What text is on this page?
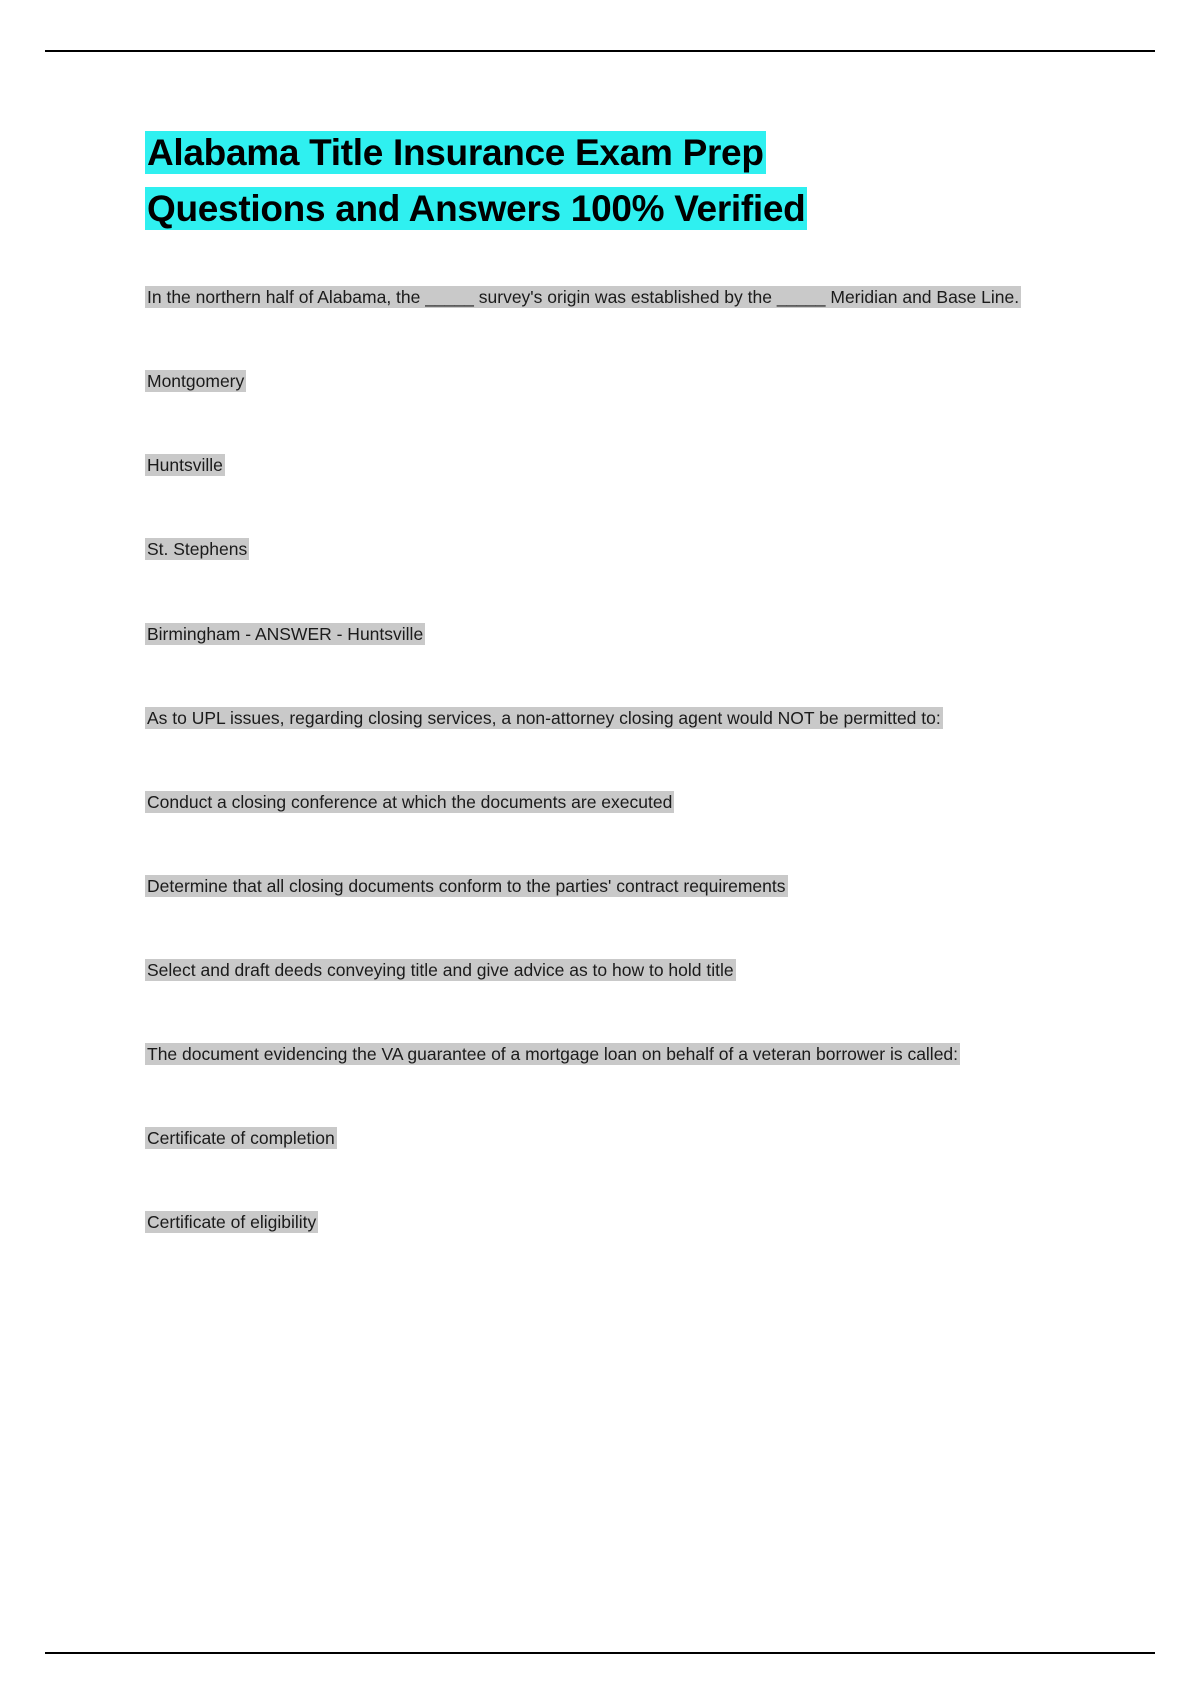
Alabama Title Insurance Exam Prep
Questions and Answers 100% Verified

In the northern half of Alabama, the _____ survey's origin was established by the _____ Meridian and Base Line.

Montgomery

Huntsville

St. Stephens

Birmingham - ANSWER - Huntsville

As to UPL issues, regarding closing services, a non-attorney closing agent would NOT be permitted to:

Conduct a closing conference at which the documents are executed

Determine that all closing documents conform to the parties' contract requirements

Select and draft deeds conveying title and give advice as to how to hold title

The document evidencing the VA guarantee of a mortgage loan on behalf of a veteran borrower is called:

Certificate of completion

Certificate of eligibility
